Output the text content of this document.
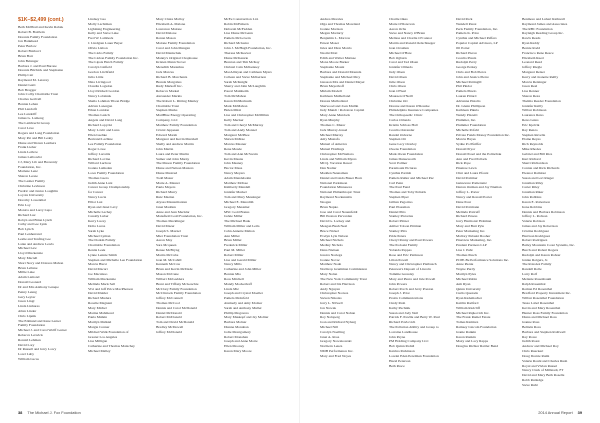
$1K–$2,499 (cont.)
Beth McPhail and Kevin Rabak
Robert B. Baldwin
Dorenis Family Foundation
Jon Bankhead
Peter Barlow
Robert Baldacci
Brian Barr
John Belanger
Barbara J. and Paul Barone
Dorenis Bilchick and Stephanie
Philip Catt
Raymond M. Letavey
Daniel Gatti
Bob Bragger
John Colby Charitable Trust
Charles Gerlvell
Bonnie Lehan
Phil Landolfi
Lee Landolff
James G. Lamong
The Lambrecht Group
Carol Lave
Rogers and Lang Foundation
Mary Pat and Bill Leahy
Diane and Shawn Leathers
Frank Lieber
Linda Leibow
James Leibowitz
CJ, Mary Lib and Heavenly
Foundation, Inc.
Marlene Lenz
Sharon Leone
The Lesher Family
Christine Levinson
Fredric and Janice Loughlin
Loyola University
Dorothy Lowenthal
Erin Loy
Monica and Larry Lupo
Richard Luz
Robyn and Brian Lynch
Cathy and Lee Lynk
Bob Lynch
Paul Lenherrand
Leslie and Tenfing Lee
Lanie and Andrew Lewis
Michael Lew
Lloyd Mackenzie
Mary Mactell
Short Story and Dolores Mahon
Brian Lellane
Millie Lake
Adam Lamond
Donald Leonard
Dr and Mrs Anthony Lenepe
Penny Leung
Gary Leyrer
Jason Lingr
Linda Linhares
Allan Linder
Chris Lipnik
The Edmund and Irene Lerner
Family Foundation
Michael J. and Carol Wolff Lerner
Rebecca Lerwick
Ronald Lehman
David Lory
Dr Russell and Jerry Lowy
Lorel Luby
William Lucas
Lindsey Luo
Molly Lachtman
Lightning Engineering
Kelly and Steve Lake
Fred W. Lambeck
J. Lindgren Lauer Beyer
Olivia Lisbon
The Lisbo Family
The Lisbon Family Foundation Inc.
The Lipsis Hatch Family
Carolyn Linfield
Gordon Lirchfield
Julia Little
Nina Livingood
Claudia Logsdon
Lloyd Rickelt Gordon
Nancy Lobsinsk
Sheila Lohman Tilson Bridge
Adrian Lonergan
Ethan Lonidon
Thomas Lasich
Angela and David Long
Richard Lopycki
Mary Lovitt and Luna
Ellen Luebke
Bertrand Lachine
Lee Family Foundation
Roger Lowe
Jeffrey Lucaitis
Richard Lovine
Willard Luchow
Joanna Lumsden
Lowe Family Foundation
Thomas Luera
Judith Anne Lutz
Cancer Group Championship
for Cancer
Nancy Lucia
Elliot Lux
Ryan and Janet Levy
Michelle Lechey
Cassidy Luber
Kerry Lucey
Dolia Lucas
Sarah Lyke
Michael Lyman
The Dorkin Family
Charitable Foundation
Renita Leek
Lynne Lennie Smith
Stephen and Michelle Lee Foundation
Marcia Hurst
David Macari
Joe Macaluso
William Mackenzie
Melinda Mack Sell
Vivi and Jeff Price MacPherson
David Mulder
Richard Mudera
Rosalie Magnant
Mary Michel
Marina Mahmoud
Paula Malkin
Marilyn Malkiel
Margie Conner
Mildred Walk Foundation of
Greater Los Angeles
Lisa Milligan
Catherine and Thomas Malachey
Michael Malley
Mary Claire Malloy
Elizabeth A. Malone
Lawrence Malone
David Malone
Ronan Mason
Malone Family Foundation
Carol and John Mangan
David Manischak
Manny's Original Chophouse
Kristen Mann Stover
Meredith Maranhas
Jack Marcus
Richard B. Marchants
Brenda Margolies
Rudy Markoff Inc.
Rebecca Markel
Alexander Markis
The Robert L. Ritting Manley
Charitable Trust
Stephen Marks
MarlBlue Energy Operating
Company, LLC
Matthew Family Foundation
Cristal Jeppesen
Edward Marsh
Margaret and Kevin Marshall
Shelly and Andrew Martin
John Martin
Laura and Peter Martin
Sumer and John Marny
The Mason Family Foundation
Diane and Nelson Masters
Diane Mastrud
Todd Masur
Marie A. Maurer
Paula Mayers
Richard Murry
Ruiz Mazian
Alyssa Mastermarzun
Janet Madden
Anne and Jean Mecklar
Mansfield Gold Foundation, Inc.
Thomas Mecklinger
David Mazer
Joseph S. Mazzel
Mier Foundation Trust
Aaron May
Sara Mcqueen
Renee McBryng
Marita McCabe
Jean M. McCahill
Kenneth McCaw
Brian and Kevin McDade
Mason McCune
Wilbert McGadders
Brent and Tiffany McGeachie
McClary Family Foundation
McClintock Family Foundation
Jeffrey McConnell
Thomas McCool
Dennis and Carol McDonald
Daniel McDonald
Robert McDonald
Tom and David McDonald
Bradley McDowell
Jeffrey McDonald
McEe Construction Ltd.
Robin McEnhern
Deborah McFadden
Lisa Diane McGann
Pamela McGovern
Richard McGuire
John J. McHugh Foundation, Inc.
Theresa McKeever
Diane McKenzie
Brenton and Tim McKay
Christel Cain McKenney
MacAllisyan and Cathleen Myers
Colleen and Steve McKernon
Sarah McKnight
Sherry and John McLaughlin
Pascal Mainheim
Tom McMahon
Karen McMerinum
Mark McMahon
Helen Mitzi
Lisa and Christopher McMillan
Kelly Mecker
Tom and Cheryl McMurray
Tom and Andy Monzel
Margaret McPhee
Shawn McRae
Marcus Meaner
Rene Meade
Tom and Ann McSwain
Kevin Means
John Meaney
Hector Meas
Nancy Meyers
Adam Mendelsohn
Matthew McKee
Kimberly Mendell
Jennifer Merkel
Tom and Mary Messinger
Michael E. Meredith
Gregory Messmer
MSC Gold Bonus
Jackie Miller
The Michael Baak
William Miller and Leila
Cohn Annette Mahon
Ann Miller
Brian Miller
Frederick Miller
Paul M. Miller
Robert Miller
Lisa and Gerald Miller
Nancy Mills
Catherine and John Miller
Bonnie Mio
Ross Mitchell
Mandy Mockerhoff
Linda Miz
Joseph and Crystal Moeller
Pamela Mohrfeld
Alamedy and Amy Molnar
Sarah and Anthony Muller
Phillip Mogavero
Mary Muskopf and Jay Moliter
Barbara Molnar
Dianne Monahan
Jodie Montgomery
Robert Monahan
Joseph and Anne Morte
Ellen Mooney
Karen Mary Moore
Andrea Morales
Olga and Thomas Moreland
Joanne Morison
Megan Moriarty
Benjamin L. Morrow
Ernest Moser
Jules and Dion Morris
Naomi Mott
Edith and Walter Matisse
Mona Moore Barker
Stephanie Mount
Barbara and Donald Mounda
Stephanie and Michael Moy
Gleason Mrs and Daniel Meyer
Brian Meyerhoff
Miriam Modell
Kathleen Mulholland
Donata Mulholland
Sherwood and Joan Mullin
Judy Mundt / Robotron Capital
Mary Anne Murdock
Ryan Murphy
Thomas C. Murer
Jack Murray-Jessel
Michael Murray
Amy Mustafa
Mutual of America
Mutual Holdings
Christopher McNamara
Linda and William Myers
MCQ. Vacation Resort
Dan Nadier
Madden Neunaman
Daniel and Linda Bauer Horn
National Parkinson
Foundation Minnesota
National Philanthropic Trust
Raymond Nockunaitis
Neogen
Brian Nepko
Jose and Carol Neuenfeldt
Bill Preston Parvarden
David G. Lackey and
Meagan Bush Neal
Bruce Nickel
Evelyn Lyle Nelson
Michael Nichols
Medley Nichols
Dana Nielsen
Jessica Noriega
Joanne Novac
Matthew Noah
Northrop Grumman Commission
Mary Nolan
The New York Community Trust
Robert and Iris Harrison
Andy Nguyen
Christopher Noaves
Steven Nikolas
Jerry L. Nilwell
Jon Nowak
Dennis and Carol Nohan
Roy Nolsperg
Joan and Richard Nyberg
Michael Nill
Carolyn Noelling
Janet A. Ross
Gregory Nowakowski
Northern Leuza
NMB Performance Inc.
Mary and Fred Noyes
Charlie Okes
Marie O'Donovan
Aaron Ochs
Steve and Nancy O'Brien
Melissa and Charlie O'Connor
Martin and Ronald Oelschlaeger
Jean Ocsulien
Michael O'Hare
Bob Ogburn
Carol and Ted Olsen
Jennifer Olmedo
Judy Olsen
David Olsen
Julie Olson
Chris Olson
Jean O'Neal
Maureen O'Neill
Christine Orr
Dorene and Karen O'Rourke
Philadelphia Insurance Companies
The Orthopaedic Clinic
Carlos Orlando
Kristin Schloss Hall
Cecelia Ostrander
Randal Osborne
Stephen Ott
Gene Lacy Overley
Owens Foundation
Mark Owen Foundation
James Dunseworth
Scott Palmer
Paramount Pictures
Cynthia Parrish
Pamela Ruller and Michael Paz
Carl Penn
The Paul Fund
Thomas and Toby Pelnick
Stephen Piper
Gillian Pegorino
Paul Plassman
Daniel Pitts
Stanley Pistorius
Robert Pittner
Amber Tolson Pittman
Stanley Pitts
Pride Peters
Cheryl Penny and Paul Powers
The Podoski Family
Yolanda Pappas
Rose and Eric Pattinson
Lilian Powell
Nancy and Christopher Pietbusch
Peterson's Deposit of Lincoln
Tommie Gressley
Mary and Pierre and Jule Powell
John Powers
Robert Porch and Jerry Preston
Joseph J. Prior
Praxis Communications
Cindy Pesh
Kathy Puchnik
Susan and Jody Neil
Patrick F. Pawlik and Betty W. Paul
Richard Pavlovich
The Pollution Ability and Group to
Lorraine Landhouse
John Payne
PM Holding Company LLC
Bob Quinn Pedall
Katrina Perkinson
Lorelei Eden Perelman Foundation
Hazel Peterson
Beth Pesce
David Peck
Wendell Perez
Peck Family Foundation, Inc.
Pamela K. Price
Cynthia and Michael Peffers
Popular Capital Advisors, LP
Jill Potter
Richard Pierce
Cecelia Plautz
Rudolph Perry
George Perkey
Chris and Bob Pierce
John and Jessica Pierre
Michael Pettingill
Phil Pindor
Pamela Pinelo
Lauren Pittard
Adrianna Pistolis
Dr. Glenn Phillipson
Kathleen Pikula
Wendy Pizzetti
Plummer, Inc.
Plummer Foundation
Michelle Pofahl
Private Funds Money Foundation Inc.
Marcia Hayes
Sydne Po Pfeiffer
Donald Pryor
Donald Posel and the Polinchak
Ann and Fred Pollack
Rick Pope
Pinetree Lawn
Clint and Laura Pfoutz
David Pommer
Guinevere Pomerantz
Darren Ostman and Jay Nieman
Jeffrey L. Porter
Nancy and Ronald Porter
Dane Pour
David Pottmann
Melinda Pottruff
Richard Pruess
Jerry Harmonic Hohman
Mary and Burt Pyle
Peter Marketing Inc.
Mallory Pulaski Dooher
Pineview Marketing, Inc.
Prudent Partners LLP
Lisa J. Puhr
Thomas Pusch
PCPP-Be Performance Solutions Inc.
Anne Puzak
Wayne Purdy
Marilyn Pyles
Michael Rabin
Anh Ryan
Quinn University
Curtis Quezada
Ryan Rademacher
Kaitlin Radford
William Radcliff
Michael Rajkovich Inc.
The Frank Ramel Estate
Tomas Ramirez
Ramsey Lincoln Foundation
Jeanie Rankin
Karen Rankin
Maxy and Lacy Rapps
Douglas Richter Rattler Bend
Benmore and Lubert Rathwell
Raymond James and Associates
The RBC Foundation
Rayleigh Reading Group Inc.
Rawls Reeds
Ryan Reddy
Bernie Rodd
Francisco Rene Reece
Elizabeth Reed
Leonard Reed
Jeffrey Riegle
Margaret Reiser
Kerry and Jeanette Reilly
Marcia Reisinger
Jason Reel
Lisa Renner
Sharon Reza
Thelma Reeder Foundation
Jennifer Reilly
Wilbur Robinson
Laurence Reno
Reno Gales
Eric Kjelvik
Ray Renzo
Stephen Revelle
Elaine Reyes
Rich Reynolds
Mike Rhodes
Gabriel and Bill Rice
Kurt Richard
Sherri Richardson
Connie and Rick Richards
Eleanor Ramirez
Susan and Lori Rieger
Jonathan Riley
Carter Riley
Jonathan Riker
John Robbins
Karen E. Robertson
Irene Robbins
Dennis and Barbara Robinson
Jeffrey L. Robson
Valerie Robison
James and Jay Robertson
Cristina Rodriguez
Harrison Rodriguez
Robert Rodriguez
Bailey Mountain Coast Systems, Inc.
Burch and Robert Rogers
Rudolph and Karen Rohrer
Jennie Rolgers, Jr.
The Rolodex Family
Randall Rolle
Larry Rolf
Melanie Rosenbaum
Ralph Rosenthal
Roman Ed Rosenthal
Bradford Property Investment Inc.
Wilbur Rosenthal Foundation
Tessa Lobel Rosenthal
Kevin and Mary Rosenthal
Hunter Ross Family Foundation
Diana and Michael Ross
Jeanne Ross
Belinda Ross
Barbara and Stephen Rothwell
Ray Rowe
Judith Rossi
Andrew and Michael Roy
Chris Rueckert
Doug Dornie Rumi
Valerie Roulé and Charles Rush
Royal and Vivian Russel
Nancy Clark of Millstadt, FT
David and Mary Beth Roselle
Robb Rutledge
Steve Ruhl
38 The Michael J. Fox Foundation	2014 Annual Report 39
